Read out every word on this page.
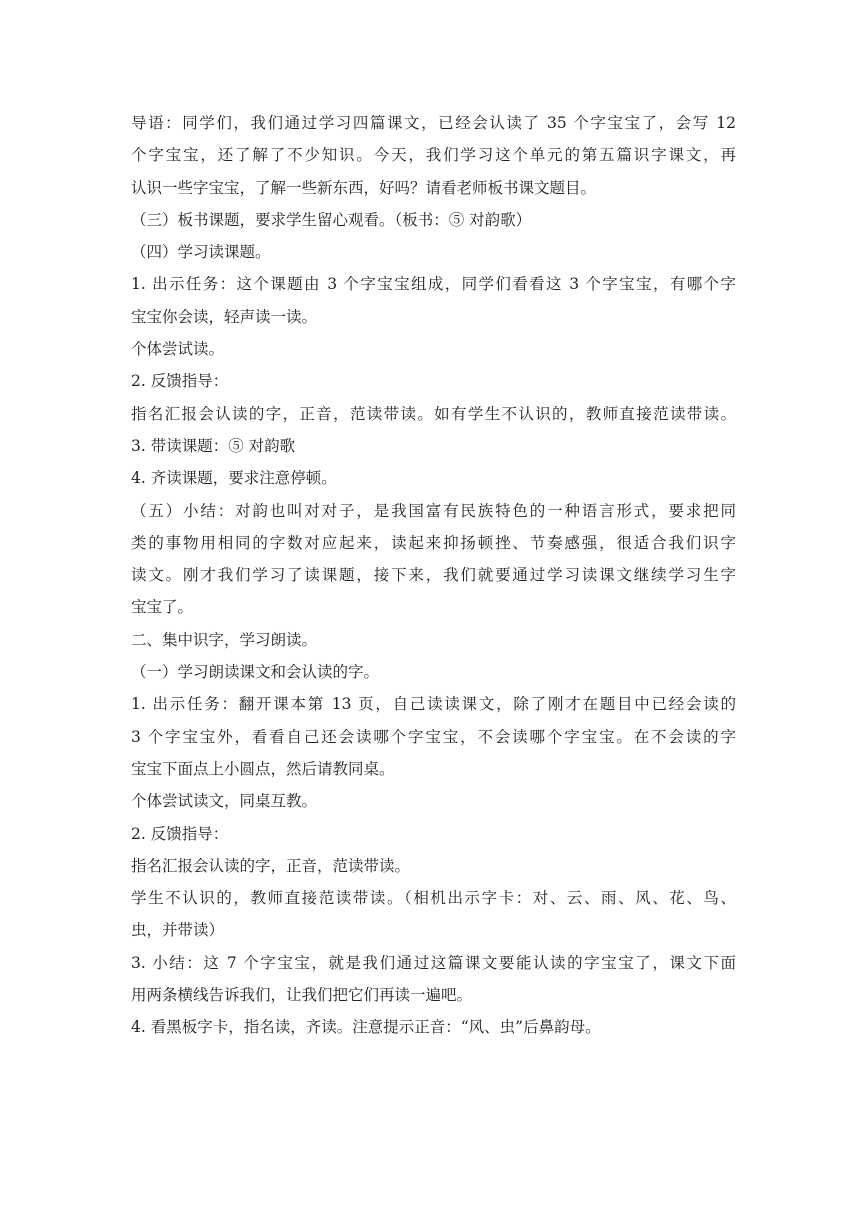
导语：同学们，我们通过学习四篇课文，已经会认读了 35 个字宝宝了，会写 12
个字宝宝，还了解了不少知识。今天，我们学习这个单元的第五篇识字课文，再
认识一些字宝宝，了解一些新东西，好吗？请看老师板书课文题目。
（三）板书课题，要求学生留心观看。（板书：⑤ 对韵歌）
（四）学习读课题。
1. 出示任务：这个课题由 3 个字宝宝组成，同学们看看这 3 个字宝宝，有哪个字
宝宝你会读，轻声读一读。
个体尝试读。
2. 反馈指导：
指名汇报会认读的字，正音，范读带读。如有学生不认识的，教师直接范读带读。
3. 带读课题：⑤ 对韵歌
4. 齐读课题，要求注意停顿。
（五）小结：对韵也叫对对子，是我国富有民族特色的一种语言形式，要求把同
类的事物用相同的字数对应起来，读起来抑扬顿挫、节奏感强，很适合我们识字
读文。刚才我们学习了读课题，接下来，我们就要通过学习读课文继续学习生字
宝宝了。
二、集中识字，学习朗读。
（一）学习朗读课文和会认读的字。
1. 出示任务：翻开课本第 13 页，自己读读课文，除了刚才在题目中已经会读的
3 个字宝宝外，看看自己还会读哪个字宝宝，不会读哪个字宝宝。在不会读的字
宝宝下面点上小圆点，然后请教同桌。
个体尝试读文，同桌互教。
2. 反馈指导：
指名汇报会认读的字，正音，范读带读。
学生不认识的，教师直接范读带读。（相机出示字卡：对、云、雨、风、花、鸟、
虫，并带读）
3. 小结：这 7 个字宝宝，就是我们通过这篇课文要能认读的字宝宝了，课文下面
用两条横线告诉我们，让我们把它们再读一遍吧。
4. 看黑板字卡，指名读，齐读。注意提示正音：“风、虫”后鼻韵母。
